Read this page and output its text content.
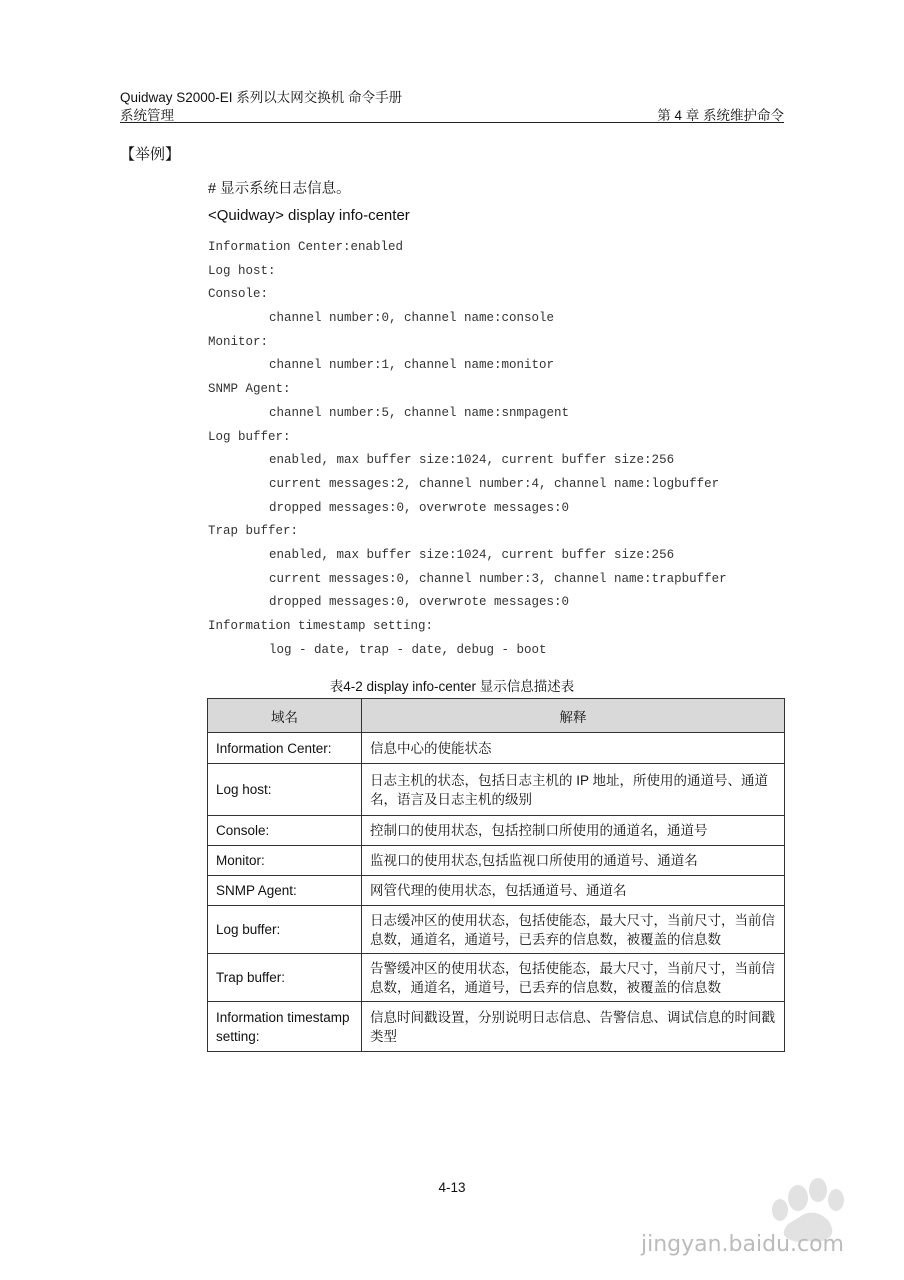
Quidway S2000-EI 系列以太网交换机 命令手册
系统管理	第 4 章 系统维护命令
【举例】
# 显示系统日志信息。
<Quidway> display info-center
Information Center:enabled
Log host:
Console:
channel number:0, channel name:console
Monitor:
channel number:1, channel name:monitor
SNMP Agent:
channel number:5, channel name:snmpagent
Log buffer:
enabled, max buffer size:1024, current buffer size:256
current messages:2, channel number:4, channel name:logbuffer
dropped messages:0, overwrote messages:0
Trap buffer:
enabled, max buffer size:1024, current buffer size:256
current messages:0, channel number:3, channel name:trapbuffer
dropped messages:0, overwrote messages:0
Information timestamp setting:
log - date, trap - date, debug - boot
表4-2 display info-center 显示信息描述表
域名	解释
Information Center:	信息中心的使能状态
Log host:	日志主机的状态，包括日志主机的 IP 地址，所使用的通道号、通道名，语言及日志主机的级别
Console:	控制口的使用状态，包括控制口所使用的通道名，通道号
Monitor:	监视口的使用状态,包括监视口所使用的通道号、通道名
SNMP Agent:	网管代理的使用状态，包括通道号、通道名
Log buffer:	日志缓冲区的使用状态，包括使能态，最大尺寸，当前尺寸，当前信息数，通道名，通道号，已丢弃的信息数，被覆盖的信息数
Trap buffer:	告警缓冲区的使用状态，包括使能态，最大尺寸，当前尺寸，当前信息数，通道名，通道号，已丢弃的信息数，被覆盖的信息数
Information timestamp setting:	信息时间戳设置，分别说明日志信息、告警信息、调试信息的时间戳类型
4-13
jingyan.baidu.com
